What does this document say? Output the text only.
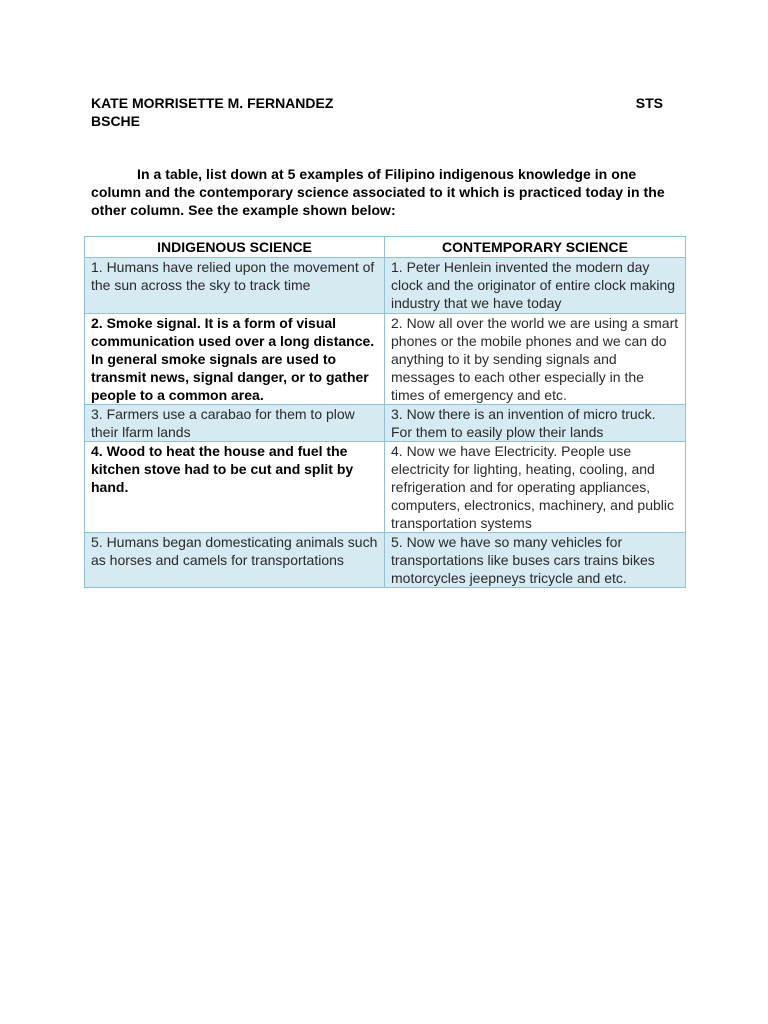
KATE MORRISETTE M. FERNANDEZ	STS
BSCHE
In a table, list down at 5 examples of Filipino indigenous knowledge in one column and the contemporary science associated to it which is practiced today in the other column. See the example shown below:
INDIGENOUS SCIENCE	CONTEMPORARY SCIENCE
1. Humans have relied upon the movement of the sun across the sky to track time	1. Peter Henlein invented the modern day clock and the originator of entire clock making industry that we have today
2. Smoke signal. It is a form of visual communication used over a long distance. In general smoke signals are used to transmit news, signal danger, or to gather people to a common area.	2. Now all over the world we are using a smart phones or the mobile phones and we can do anything to it by sending signals and messages to each other especially in the times of emergency and etc.
3. Farmers use a carabao for them to plow their lfarm lands	3. Now there is an invention of micro truck. For them to easily plow their lands
4. Wood to heat the house and fuel the kitchen stove had to be cut and split by hand.	4. Now we have Electricity. People use electricity for lighting, heating, cooling, and refrigeration and for operating appliances, computers, electronics, machinery, and public transportation systems
5. Humans began domesticating animals such as horses and camels for transportations	5. Now we have so many vehicles for transportations like buses cars trains bikes motorcycles jeepneys tricycle and etc.
